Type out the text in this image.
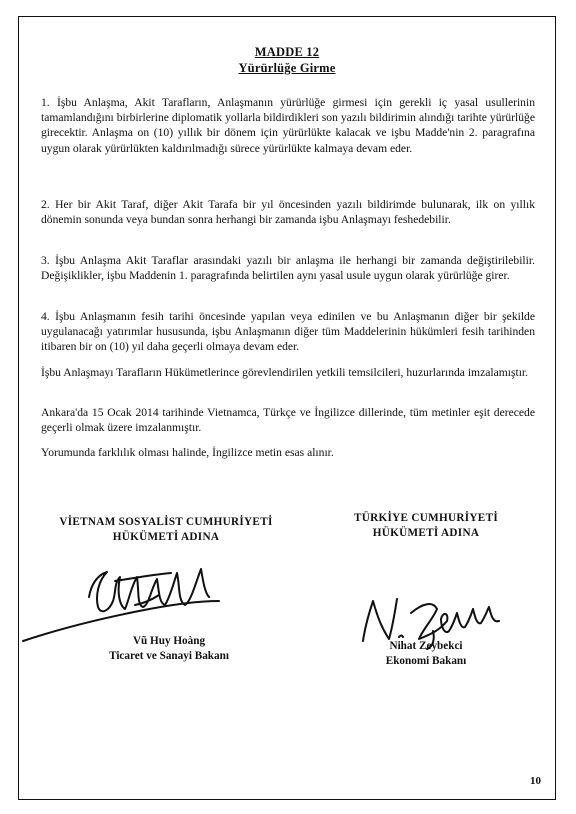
MADDE 12
Yürürlüğe Girme
1. İşbu Anlaşma, Akit Tarafların, Anlaşmanın yürürlüğe girmesi için gerekli iç yasal usullerinin tamamlandığını birbirlerine diplomatik yollarla bildirdikleri son yazılı bildirimin alındığı tarihte yürürlüğe girecektir. Anlaşma on (10) yıllık bir dönem için yürürlükte kalacak ve işbu Madde'nin 2. paragrafına uygun olarak yürürlükten kaldırılmadığı sürece yürürlükte kalmaya devam eder.
2. Her bir Akit Taraf, diğer Akit Tarafa bir yıl öncesinden yazılı bildirimde bulunarak, ilk on yıllık dönemin sonunda veya bundan sonra herhangi bir zamanda işbu Anlaşmayı feshedebilir.
3. İşbu Anlaşma Akit Taraflar arasındaki yazılı bir anlaşma ile herhangi bir zamanda değiştirilebilir. Değişiklikler, işbu Maddenin 1. paragrafında belirtilen aynı yasal usule uygun olarak yürürlüğe girer.
4. İşbu Anlaşmanın fesih tarihi öncesinde yapılan veya edinilen ve bu Anlaşmanın diğer bir şekilde uygulanacağı yatırımlar hususunda, işbu Anlaşmanın diğer tüm Maddelerinin hükümleri fesih tarihinden itibaren bir on (10) yıl daha geçerli olmaya devam eder.
İşbu Anlaşmayı Tarafların Hükümetlerince görevlendirilen yetkili temsilcileri, huzurlarında imzalamıştır.
Ankara'da 15 Ocak 2014 tarihinde Vietnamca, Türkçe ve İngilizce dillerinde, tüm metinler eşit derecede geçerli olmak üzere imzalanmıştır.
Yorumunda farklılık olması halinde, İngilizce metin esas alınır.
VİETNAM SOSYALİST CUMHURİYETİ
HÜKÜMETİ ADINA
TÜRKİYE CUMHURİYETİ
HÜKÜMETİ ADINA
Vũ Huy Hoàng
Ticaret ve Sanayi Bakanı
Nihat Zeybekci
Ekonomi Bakanı
10
